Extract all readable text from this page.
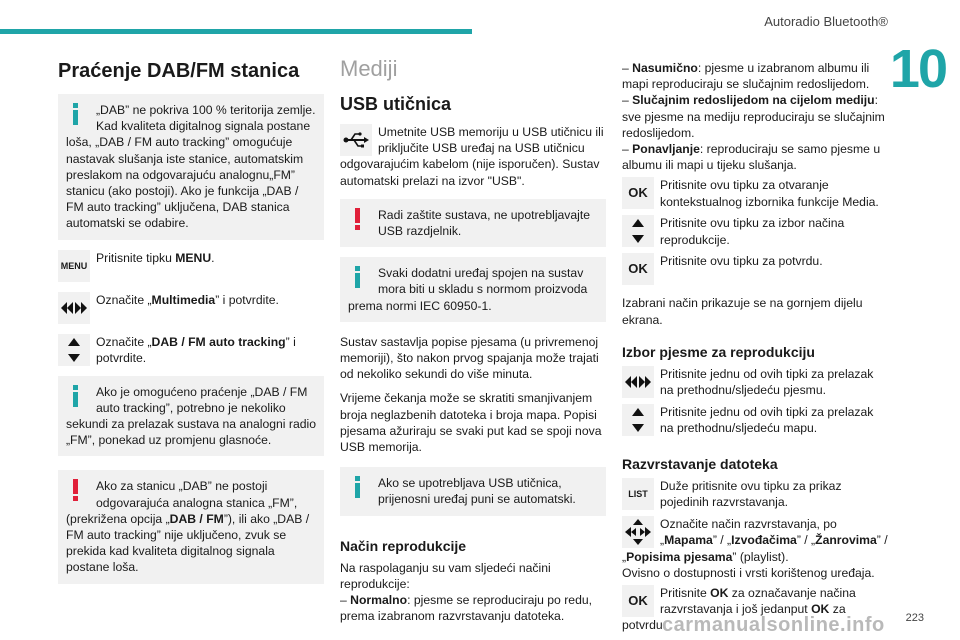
Autoradio Bluetooth®
10
Praćenje DAB/FM stanica
„DAB” ne pokriva 100 % teritorija zemlje. Kad kvaliteta digitalnog signala postane loša, „DAB / FM auto tracking” omogućuje nastavak slušanja iste stanice, automatskim preslakom na odgovarajuću analognu„FM” stanicu (ako postoji). Ako je funkcija „DAB / FM auto tracking” uključena, DAB stanica automatski se odabire.
MENU
Pritisnite tipku MENU.
Označite „Multimedia” i potvrdite.
Označite „DAB / FM auto tracking” i potvrdite.
Ako je omogućeno praćenje „DAB / FM auto tracking”, potrebno je nekoliko sekundi za prelazak sustava na analogni radio „FM”, ponekad uz promjenu glasnoće.
Ako za stanicu „DAB” ne postoji odgovarajuća analogna stanica „FM”, (prekrižena opcija „DAB / FM”), ili ako „DAB / FM auto tracking” nije uključeno, zvuk se prekida kad kvaliteta digitalnog signala postane loša.
Mediji
USB utičnica
Umetnite USB memoriju u USB utičnicu ili priključite USB uređaj na USB utičnicu odgovarajućim kabelom (nije isporučen). Sustav automatski prelazi na izvor "USB".
Radi zaštite sustava, ne upotrebljavajte USB razdjelnik.
Svaki dodatni uređaj spojen na sustav mora biti u skladu s normom proizvoda prema normi IEC 60950-1.

Sustav sastavlja popise pjesama (u privremenoj memoriji), što nakon prvog spajanja može trajati od nekoliko sekundi do više minuta.

Vrijeme čekanja može se skratiti smanjivanjem broja neglazbenih datoteka i broja mapa. Popisi pjesama ažuriraju se svaki put kad se spoji nova USB memorija.

Ako se upotrebljava USB utičnica, prijenosni uređaj puni se automatski.
Način reprodukcije

Na raspolaganju su vam sljedeći načini reprodukcije:

– Normalno: pjesme se reproduciraju po redu, prema izabranom razvrstavanju datoteka.

– Nasumično: pjesme u izabranom albumu ili mapi reproduciraju se slučajnim redoslijedom.

– Slučajnim redoslijedom na cijelom mediju: sve pjesme na mediju reproduciraju se slučajnim redoslijedom.

– Ponavljanje: reproduciraju se samo pjesme u albumu ili mapi u tijeku slušanja.

OK	Pritisnite ovu tipku za otvaranje kontekstualnog izbornika funkcije Media.
Pritisnite ovu tipku za izbor načina reprodukcije.
OK	Pritisnite ovu tipku za potvrdu.

Izabrani način prikazuje se na gornjem dijelu ekrana.

Izbor pjesme za reprodukciju
Pritisnite jednu od ovih tipki za prelazak na prethodnu/sljedeću pjesmu.
Pritisnite jednu od ovih tipki za prelazak na prethodnu/sljedeću mapu.
Razvrstavanje datoteka
LIST
Duže pritisnite ovu tipku za prikaz pojedinih razvrstavanja.
Označite način razvrstavanja, po „Mapama” / „Izvođačima” / „Žanrovima” / „Popisima pjesama” (playlist).

Ovisno o dostupnosti i vrsti korištenog uređaja.

OK	Pritisnite OK za označavanje načina razvrstavanja i još jedanput OK za potvrdu.
223
carmanualsonline.info
